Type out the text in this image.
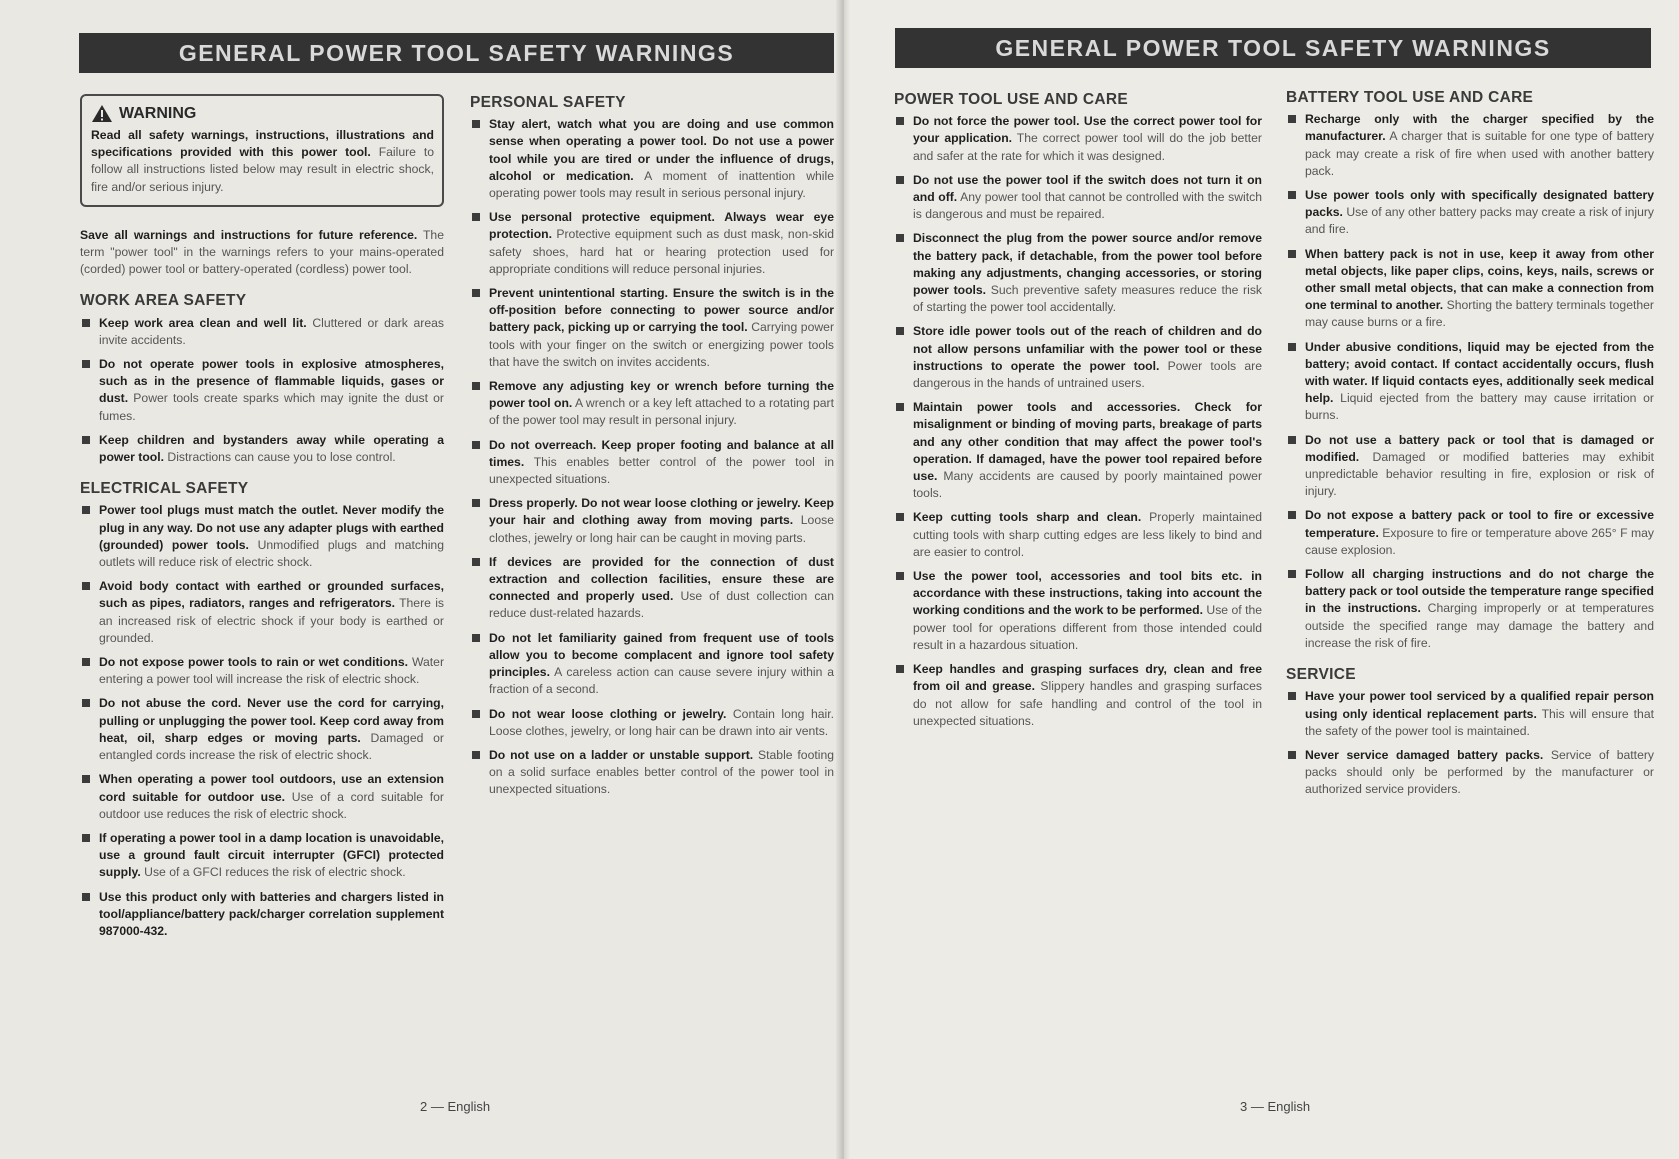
GENERAL POWER TOOL SAFETY WARNINGS	GENERAL POWER TOOL SAFETY WARNINGS
WARNING
Read all safety warnings, instructions, illustrations and specifications provided with this power tool. Failure to follow all instructions listed below may result in electric shock, fire and/or serious injury.
Save all warnings and instructions for future reference. The term "power tool" in the warnings refers to your mains-operated (corded) power tool or battery-operated (cordless) power tool.
WORK AREA SAFETY
Keep work area clean and well lit. Cluttered or dark areas invite accidents.
Do not operate power tools in explosive atmospheres, such as in the presence of flammable liquids, gases or dust. Power tools create sparks which may ignite the dust or fumes.
Keep children and bystanders away while operating a power tool. Distractions can cause you to lose control.
ELECTRICAL SAFETY
Power tool plugs must match the outlet. Never modify the plug in any way. Do not use any adapter plugs with earthed (grounded) power tools. Unmodified plugs and matching outlets will reduce risk of electric shock.
Avoid body contact with earthed or grounded surfaces, such as pipes, radiators, ranges and refrigerators. There is an increased risk of electric shock if your body is earthed or grounded.
Do not expose power tools to rain or wet conditions. Water entering a power tool will increase the risk of electric shock.
Do not abuse the cord. Never use the cord for carrying, pulling or unplugging the power tool. Keep cord away from heat, oil, sharp edges or moving parts. Damaged or entangled cords increase the risk of electric shock.
When operating a power tool outdoors, use an extension cord suitable for outdoor use. Use of a cord suitable for outdoor use reduces the risk of electric shock.
If operating a power tool in a damp location is unavoidable, use a ground fault circuit interrupter (GFCI) protected supply. Use of a GFCI reduces the risk of electric shock.
Use this product only with batteries and chargers listed in tool/appliance/battery pack/charger correlation supplement 987000-432.
PERSONAL SAFETY
Stay alert, watch what you are doing and use common sense when operating a power tool. Do not use a power tool while you are tired or under the influence of drugs, alcohol or medication. A moment of inattention while operating power tools may result in serious personal injury.
Use personal protective equipment. Always wear eye protection. Protective equipment such as dust mask, non-skid safety shoes, hard hat or hearing protection used for appropriate conditions will reduce personal injuries.
Prevent unintentional starting. Ensure the switch is in the off-position before connecting to power source and/or battery pack, picking up or carrying the tool. Carrying power tools with your finger on the switch or energizing power tools that have the switch on invites accidents.
Remove any adjusting key or wrench before turning the power tool on. A wrench or a key left attached to a rotating part of the power tool may result in personal injury.
Do not overreach. Keep proper footing and balance at all times. This enables better control of the power tool in unexpected situations.
Dress properly. Do not wear loose clothing or jewelry. Keep your hair and clothing away from moving parts. Loose clothes, jewelry or long hair can be caught in moving parts.
If devices are provided for the connection of dust extraction and collection facilities, ensure these are connected and properly used. Use of dust collection can reduce dust-related hazards.
Do not let familiarity gained from frequent use of tools allow you to become complacent and ignore tool safety principles. A careless action can cause severe injury within a fraction of a second.
Do not wear loose clothing or jewelry. Contain long hair. Loose clothes, jewelry, or long hair can be drawn into air vents.
Do not use on a ladder or unstable support. Stable footing on a solid surface enables better control of the power tool in unexpected situations.
POWER TOOL USE AND CARE
Do not force the power tool. Use the correct power tool for your application. The correct power tool will do the job better and safer at the rate for which it was designed.
Do not use the power tool if the switch does not turn it on and off. Any power tool that cannot be controlled with the switch is dangerous and must be repaired.
Disconnect the plug from the power source and/or remove the battery pack, if detachable, from the power tool before making any adjustments, changing accessories, or storing power tools. Such preventive safety measures reduce the risk of starting the power tool accidentally.
Store idle power tools out of the reach of children and do not allow persons unfamiliar with the power tool or these instructions to operate the power tool. Power tools are dangerous in the hands of untrained users.
Maintain power tools and accessories. Check for misalignment or binding of moving parts, breakage of parts and any other condition that may affect the power tool's operation. If damaged, have the power tool repaired before use. Many accidents are caused by poorly maintained power tools.
Keep cutting tools sharp and clean. Properly maintained cutting tools with sharp cutting edges are less likely to bind and are easier to control.
Use the power tool, accessories and tool bits etc. in accordance with these instructions, taking into account the working conditions and the work to be performed. Use of the power tool for operations different from those intended could result in a hazardous situation.
Keep handles and grasping surfaces dry, clean and free from oil and grease. Slippery handles and grasping surfaces do not allow for safe handling and control of the tool in unexpected situations.
BATTERY TOOL USE AND CARE
Recharge only with the charger specified by the manufacturer. A charger that is suitable for one type of battery pack may create a risk of fire when used with another battery pack.
Use power tools only with specifically designated battery packs. Use of any other battery packs may create a risk of injury and fire.
When battery pack is not in use, keep it away from other metal objects, like paper clips, coins, keys, nails, screws or other small metal objects, that can make a connection from one terminal to another. Shorting the battery terminals together may cause burns or a fire.
Under abusive conditions, liquid may be ejected from the battery; avoid contact. If contact accidentally occurs, flush with water. If liquid contacts eyes, additionally seek medical help. Liquid ejected from the battery may cause irritation or burns.
Do not use a battery pack or tool that is damaged or modified. Damaged or modified batteries may exhibit unpredictable behavior resulting in fire, explosion or risk of injury.
Do not expose a battery pack or tool to fire or excessive temperature. Exposure to fire or temperature above 265° F may cause explosion.
Follow all charging instructions and do not charge the battery pack or tool outside the temperature range specified in the instructions. Charging improperly or at temperatures outside the specified range may damage the battery and increase the risk of fire.
SERVICE
Have your power tool serviced by a qualified repair person using only identical replacement parts. This will ensure that the safety of the power tool is maintained.
Never service damaged battery packs. Service of battery packs should only be performed by the manufacturer or authorized service providers.
2 — English	3 — English
